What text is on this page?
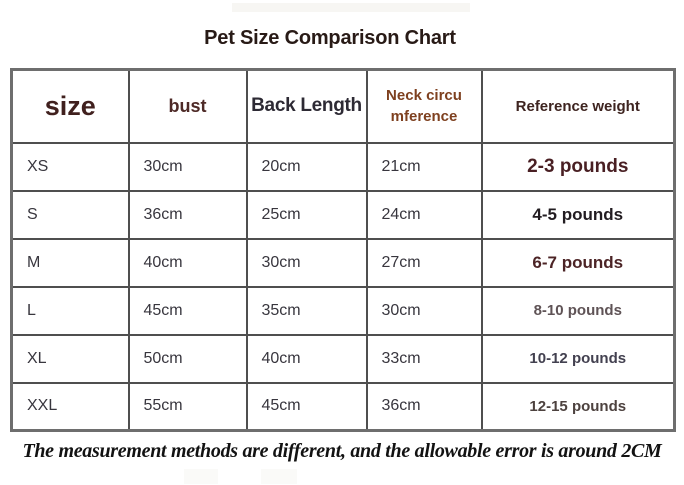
Pet Size Comparison Chart
size	bust	Back Length	Neck circu mference	Reference weight
XS	30cm	20cm	21cm	2-3 pounds
S	36cm	25cm	24cm	4-5 pounds
M	40cm	30cm	27cm	6-7 pounds
L	45cm	35cm	30cm	8-10 pounds
XL	50cm	40cm	33cm	10-12 pounds
XXL	55cm	45cm	36cm	12-15 pounds
The measurement methods are different, and the allowable error is around 2CM
